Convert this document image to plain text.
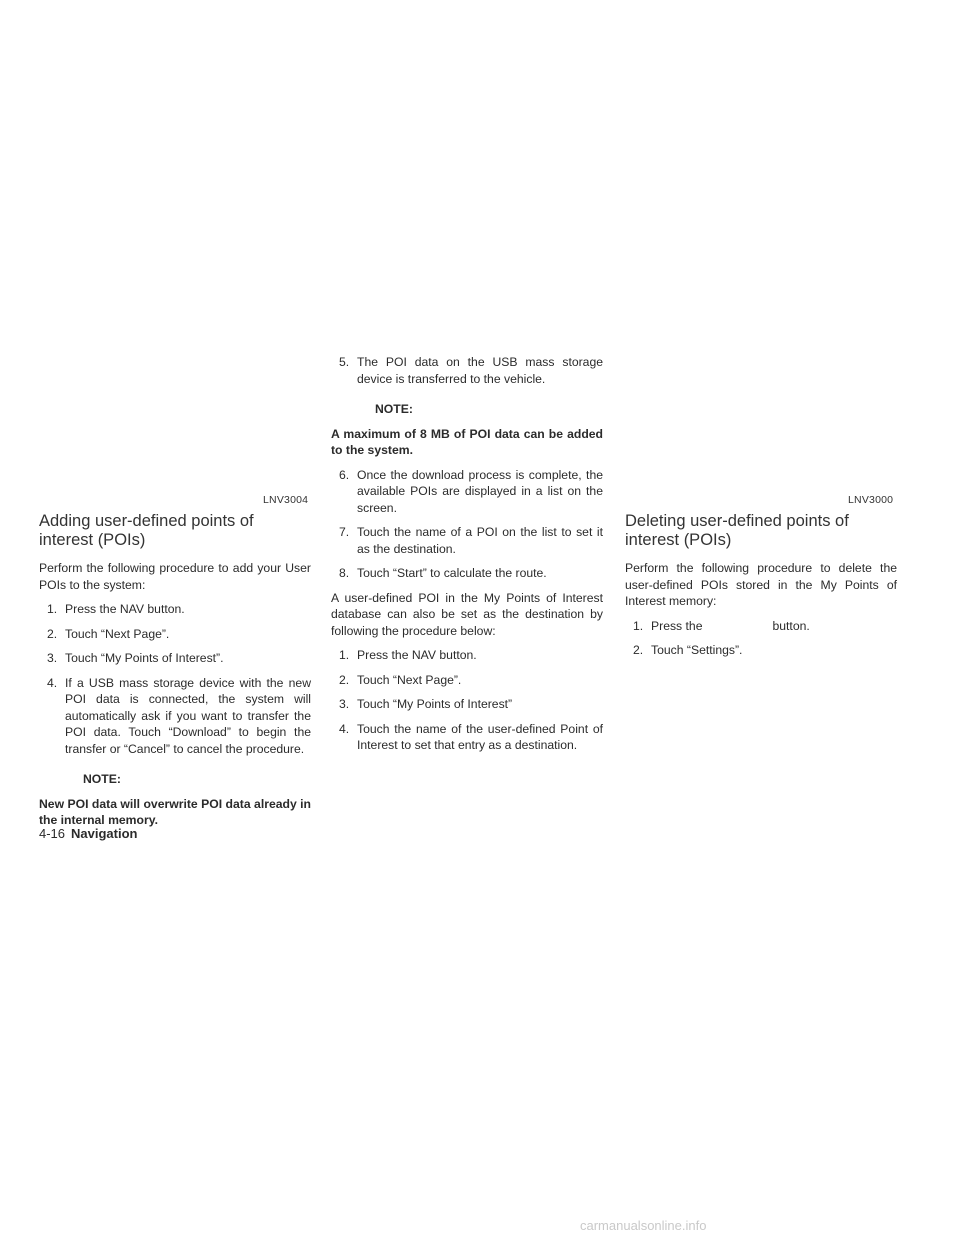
LNV3004	LNV3000
Adding user-defined points of interest (POIs)
Perform the following procedure to add your User POIs to the system:
1. Press the NAV button.
2. Touch “Next Page”.
3. Touch “My Points of Interest”.
4. If a USB mass storage device with the new POI data is connected, the system will automatically ask if you want to transfer the POI data. Touch “Download” to begin the transfer or “Cancel” to cancel the procedure.
NOTE:
New POI data will overwrite POI data already in the internal memory.
5. The POI data on the USB mass storage device is transferred to the vehicle.
NOTE:
A maximum of 8 MB of POI data can be added to the system.
6. Once the download process is complete, the available POIs are displayed in a list on the screen.
7. Touch the name of a POI on the list to set it as the destination.
8. Touch “Start” to calculate the route.
A user-defined POI in the My Points of Interest database can also be set as the destination by following the procedure below:
1. Press the NAV button.
2. Touch “Next Page”.
3. Touch “My Points of Interest”
4. Touch the name of the user-defined Point of Interest to set that entry as a destination.
Deleting user-defined points of interest (POIs)
Perform the following procedure to delete the user-defined POIs stored in the My Points of Interest memory:
1. Press the	button.
2. Touch “Settings”.
4-16 Navigation
carmanualsonline.info
